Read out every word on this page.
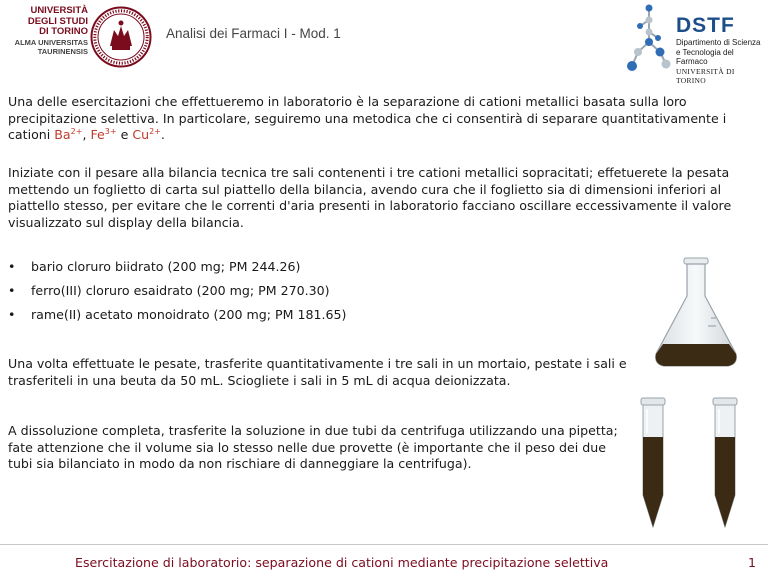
UNIVERSITÀ
DEGLI STUDI
DI TORINO
ALMA UNIVERSITAS
TAURINENSIS
Analisi dei Farmaci I - Mod. 1	DSTF
Dipartimento di Scienza
e Tecnologia del Farmaco
UNIVERSITÀ DI TORINO

Una delle esercitazioni che effettueremo in laboratorio è la separazione di cationi metallici basata sulla loro precipitazione selettiva. In particolare, seguiremo una metodica che ci consentirà di separare quantitativamente i cationi $Ba^{2+}$, $Fe^{3+}$ e $Cu^{2+}$.

Iniziate con il pesare alla bilancia tecnica tre sali contenenti i tre cationi metallici sopracitati; effetuerete la pesata mettendo un foglietto di carta sul piattello della bilancia, avendo cura che il foglietto sia di dimensioni inferiori al piattello stesso, per evitare che le correnti d'aria presenti in laboratorio facciano oscillare eccessivamente il valore visualizzato sul display della bilancia.

• bario cloruro biidrato (200 mg; PM 244.26)
• ferro(III) cloruro esaidrato (200 mg; PM 270.30)
• rame(II) acetato monoidrato (200 mg; PM 181.65)

Una volta effettuate le pesate, trasferite quantitativamente i tre sali in un mortaio, pestate i sali e trasferiteli in una beuta da 50 mL. Sciogliete i sali in 5 mL di acqua deionizzata.

A dissoluzione completa, trasferite la soluzione in due tubi da centrifuga utilizzando una pipetta; fate attenzione che il volume sia lo stesso nelle due provette (è importante che il peso dei due tubi sia bilanciato in modo da non rischiare di danneggiare la centrifuga).

Esercitazione di laboratorio: separazione di cationi mediante precipitazione selettiva	1
